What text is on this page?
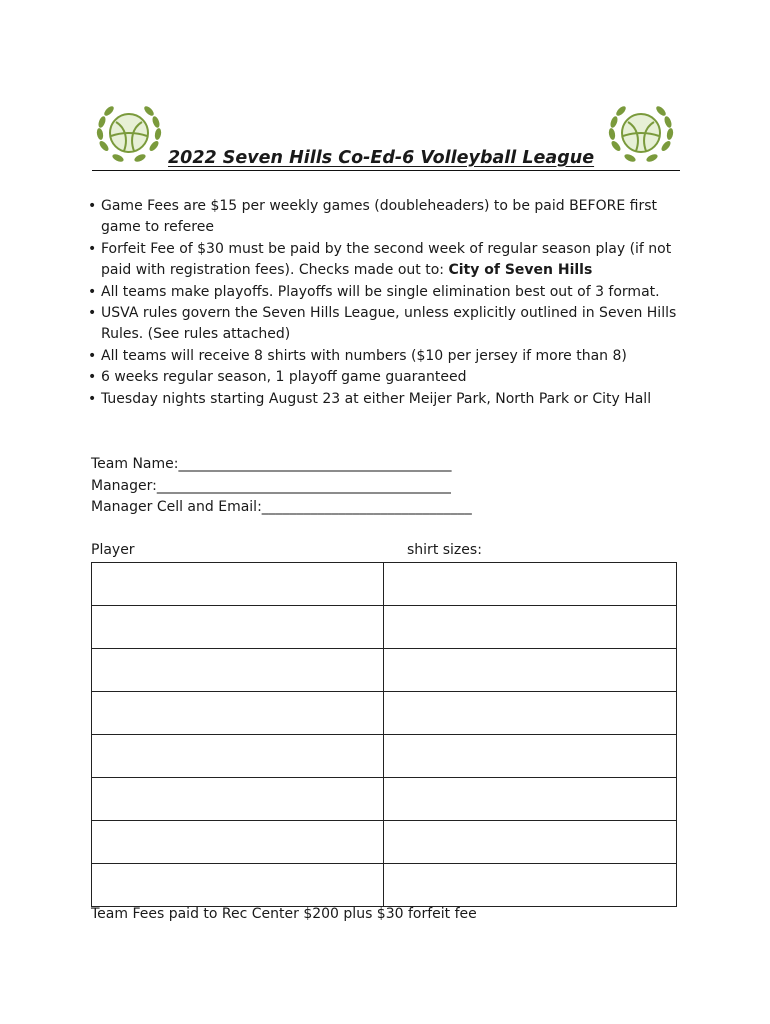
2022 Seven Hills Co-Ed-6 Volleyball League
• Game Fees are $15 per weekly games (doubleheaders) to be paid BEFORE first game to referee
• Forfeit Fee of $30 must be paid by the second week of regular season play (if not paid with registration fees). Checks made out to: City of Seven Hills
• All teams make playoffs. Playoffs will be single elimination best out of 3 format.
• USVA rules govern the Seven Hills League, unless explicitly outlined in Seven Hills Rules. (See rules attached)
• All teams will receive 8 shirts with numbers ($10 per jersey if more than 8)
• 6 weeks regular season, 1 playoff game guaranteed
• Tuesday nights starting August 23 at either Meijer Park, North Park or City Hall
Team Name:_______________________________________
Manager:__________________________________________
Manager Cell and Email:______________________________
Player	shirt sizes:

Team Fees paid to Rec Center $200 plus $30 forfeit fee
